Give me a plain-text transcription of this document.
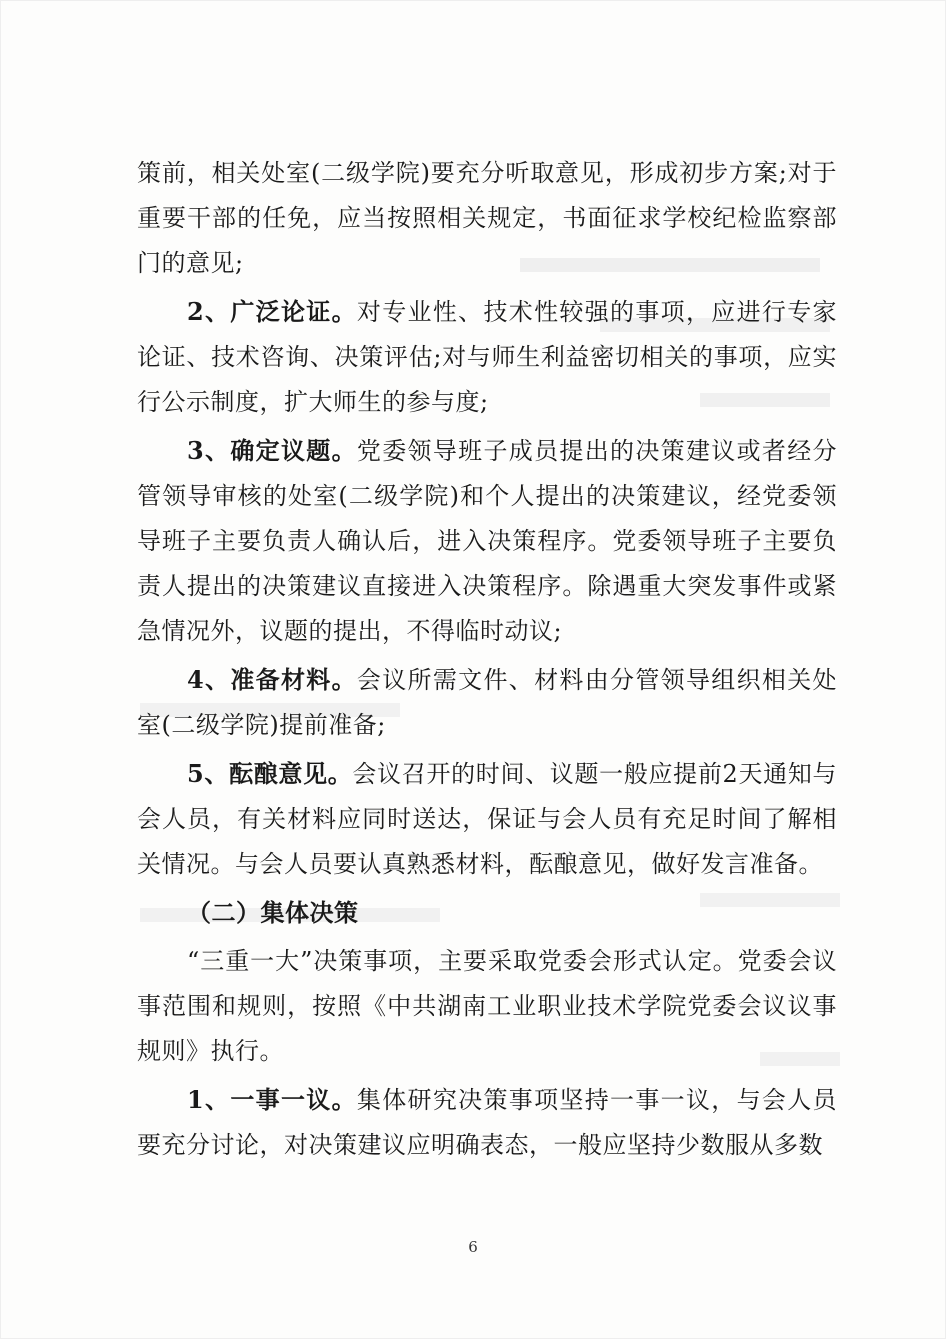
策前，相关处室(二级学院)要充分听取意见，形成初步方案;对于重要干部的任免，应当按照相关规定，书面征求学校纪检监察部门的意见;

2、广泛论证。对专业性、技术性较强的事项，应进行专家论证、技术咨询、决策评估;对与师生利益密切相关的事项，应实行公示制度，扩大师生的参与度;

3、确定议题。党委领导班子成员提出的决策建议或者经分管领导审核的处室(二级学院)和个人提出的决策建议，经党委领导班子主要负责人确认后，进入决策程序。党委领导班子主要负责人提出的决策建议直接进入决策程序。除遇重大突发事件或紧急情况外，议题的提出，不得临时动议;

4、准备材料。会议所需文件、材料由分管领导组织相关处室(二级学院)提前准备;

5、酝酿意见。会议召开的时间、议题一般应提前2天通知与会人员，有关材料应同时送达，保证与会人员有充足时间了解相关情况。与会人员要认真熟悉材料，酝酿意见，做好发言准备。

（二）集体决策

“三重一大”决策事项，主要采取党委会形式认定。党委会议事范围和规则，按照《中共湖南工业职业技术学院党委会议议事规则》执行。

1、一事一议。集体研究决策事项坚持一事一议，与会人员要充分讨论，对决策建议应明确表态，一般应坚持少数服从多数

6
